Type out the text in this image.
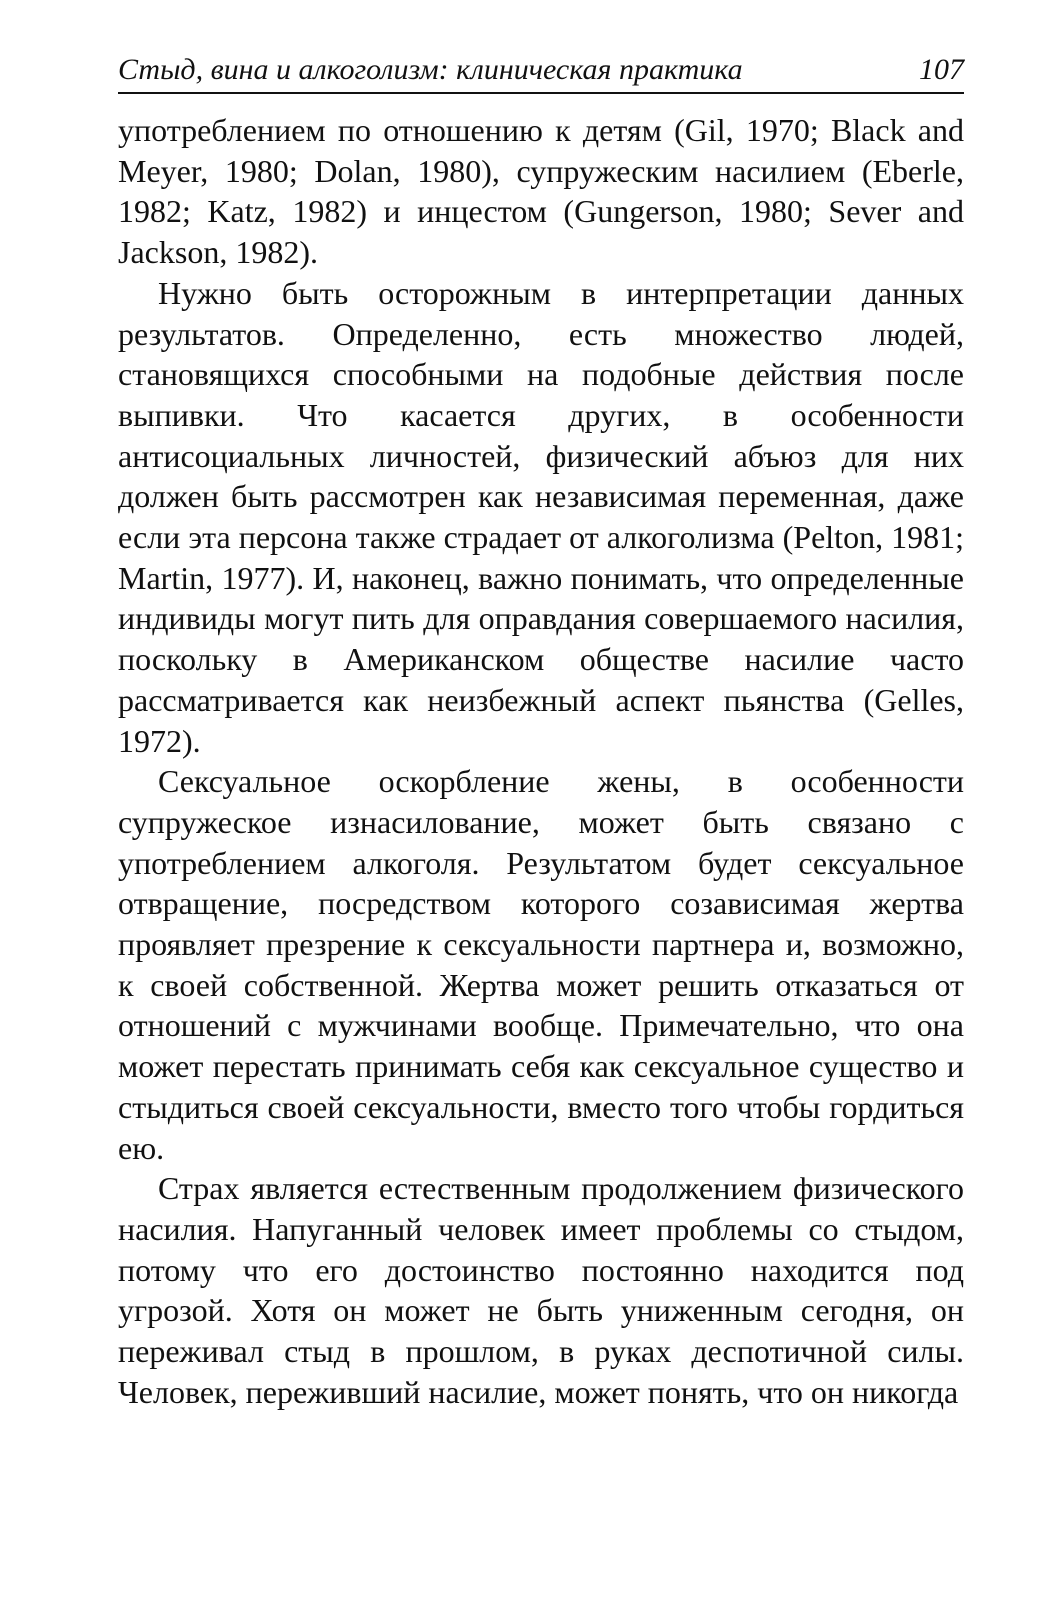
Стыд, вина и алкоголизм: клиническая практика	107

употреблением по отношению к детям (Gil, 1970; Black and Meyer, 1980; Dolan, 1980), супружеским насилием (Eberle, 1982; Katz, 1982) и инцестом (Gungerson, 1980; Sever and Jackson, 1982).

Нужно быть осторожным в интерпретации данных результатов. Определенно, есть множество людей, становящихся способными на подобные действия после выпивки. Что касается других, в особенности антисоциальных личностей, физический абъюз для них должен быть рассмотрен как независимая переменная, даже если эта персона также страдает от алкоголизма (Pelton, 1981; Martin, 1977). И, наконец, важно понимать, что определенные индивиды могут пить для оправдания совершаемого насилия, поскольку в Американском обществе насилие часто рассматривается как неизбежный аспект пьянства (Gelles, 1972).

Сексуальное оскорбление жены, в особенности супружеское изнасилование, может быть связано с употреблением алкоголя. Результатом будет сексуальное отвращение, посредством которого созависимая жертва проявляет презрение к сексуальности партнера и, возможно, к своей собственной. Жертва может решить отказаться от отношений с мужчинами вообще. Примечательно, что она может перестать принимать себя как сексуальное существо и стыдиться своей сексуальности, вместо того чтобы гордиться ею.

Страх является естественным продолжением физического насилия. Напуганный человек имеет проблемы со стыдом, потому что его достоинство постоянно находится под угрозой. Хотя он может не быть униженным сегодня, он переживал стыд в прошлом, в руках деспотичной силы. Человек, переживший насилие, может понять, что он никогда
